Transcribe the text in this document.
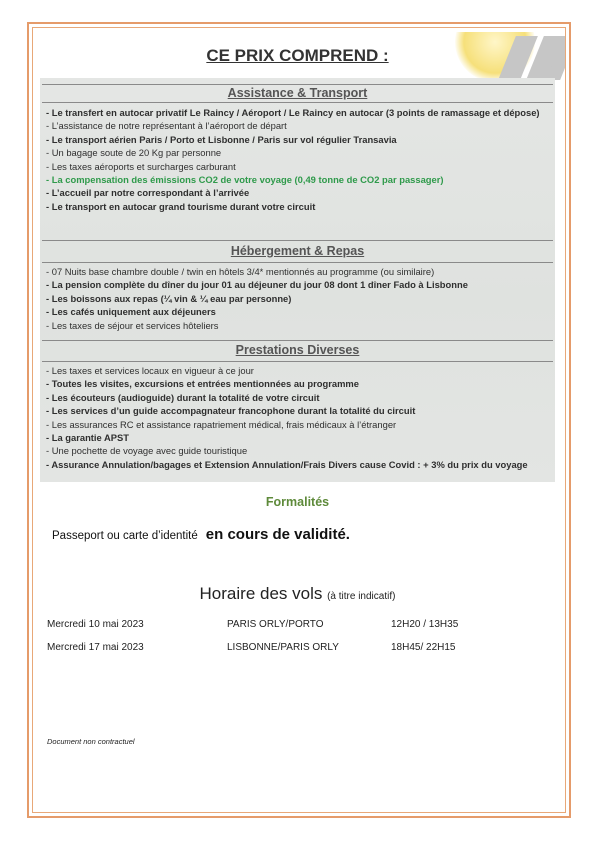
CE PRIX COMPREND :
Assistance & Transport
- Le transfert en autocar privatif Le Raincy / Aéroport / Le Raincy en autocar (3 points de ramassage et dépose)
- L’assistance de notre représentant à l’aéroport de départ
- Le transport aérien Paris / Porto et Lisbonne / Paris sur vol régulier Transavia
- Un bagage soute de 20 Kg par personne
- Les taxes aéroports et surcharges carburant
- La compensation des émissions CO2 de votre voyage (0,49 tonne de CO2 par passager)
- L’accueil par notre correspondant à l’arrivée
- Le transport en autocar grand tourisme durant votre circuit
Hébergement & Repas
- 07 Nuits base chambre double / twin en hôtels 3/4* mentionnés au programme (ou similaire)
- La pension complète du dîner du jour 01 au déjeuner du jour 08 dont 1 dîner Fado à Lisbonne
- Les boissons aux repas (¼ vin & ¼ eau par personne)
- Les cafés uniquement aux déjeuners
- Les taxes de séjour et services hôteliers
Prestations Diverses
- Les taxes et services locaux en vigueur à ce jour
- Toutes les visites, excursions et entrées mentionnées au programme
- Les écouteurs (audioguide) durant la totalité de votre circuit
- Les services d’un guide accompagnateur francophone durant la totalité du circuit
- Les assurances RC et assistance rapatriement médical, frais médicaux à l’étranger
- La garantie APST
- Une pochette de voyage avec guide touristique
- Assurance Annulation/bagages et Extension Annulation/Frais Divers cause Covid : + 3% du prix du voyage
Formalités
Passeport ou carte d’identité en cours de validité.
Horaire des vols (à titre indicatif)
Mercredi 10 mai 2023	PARIS ORLY/PORTO	12H20 / 13H35
Mercredi 17 mai 2023	LISBONNE/PARIS ORLY	18H45/ 22H15
Document non contractuel
